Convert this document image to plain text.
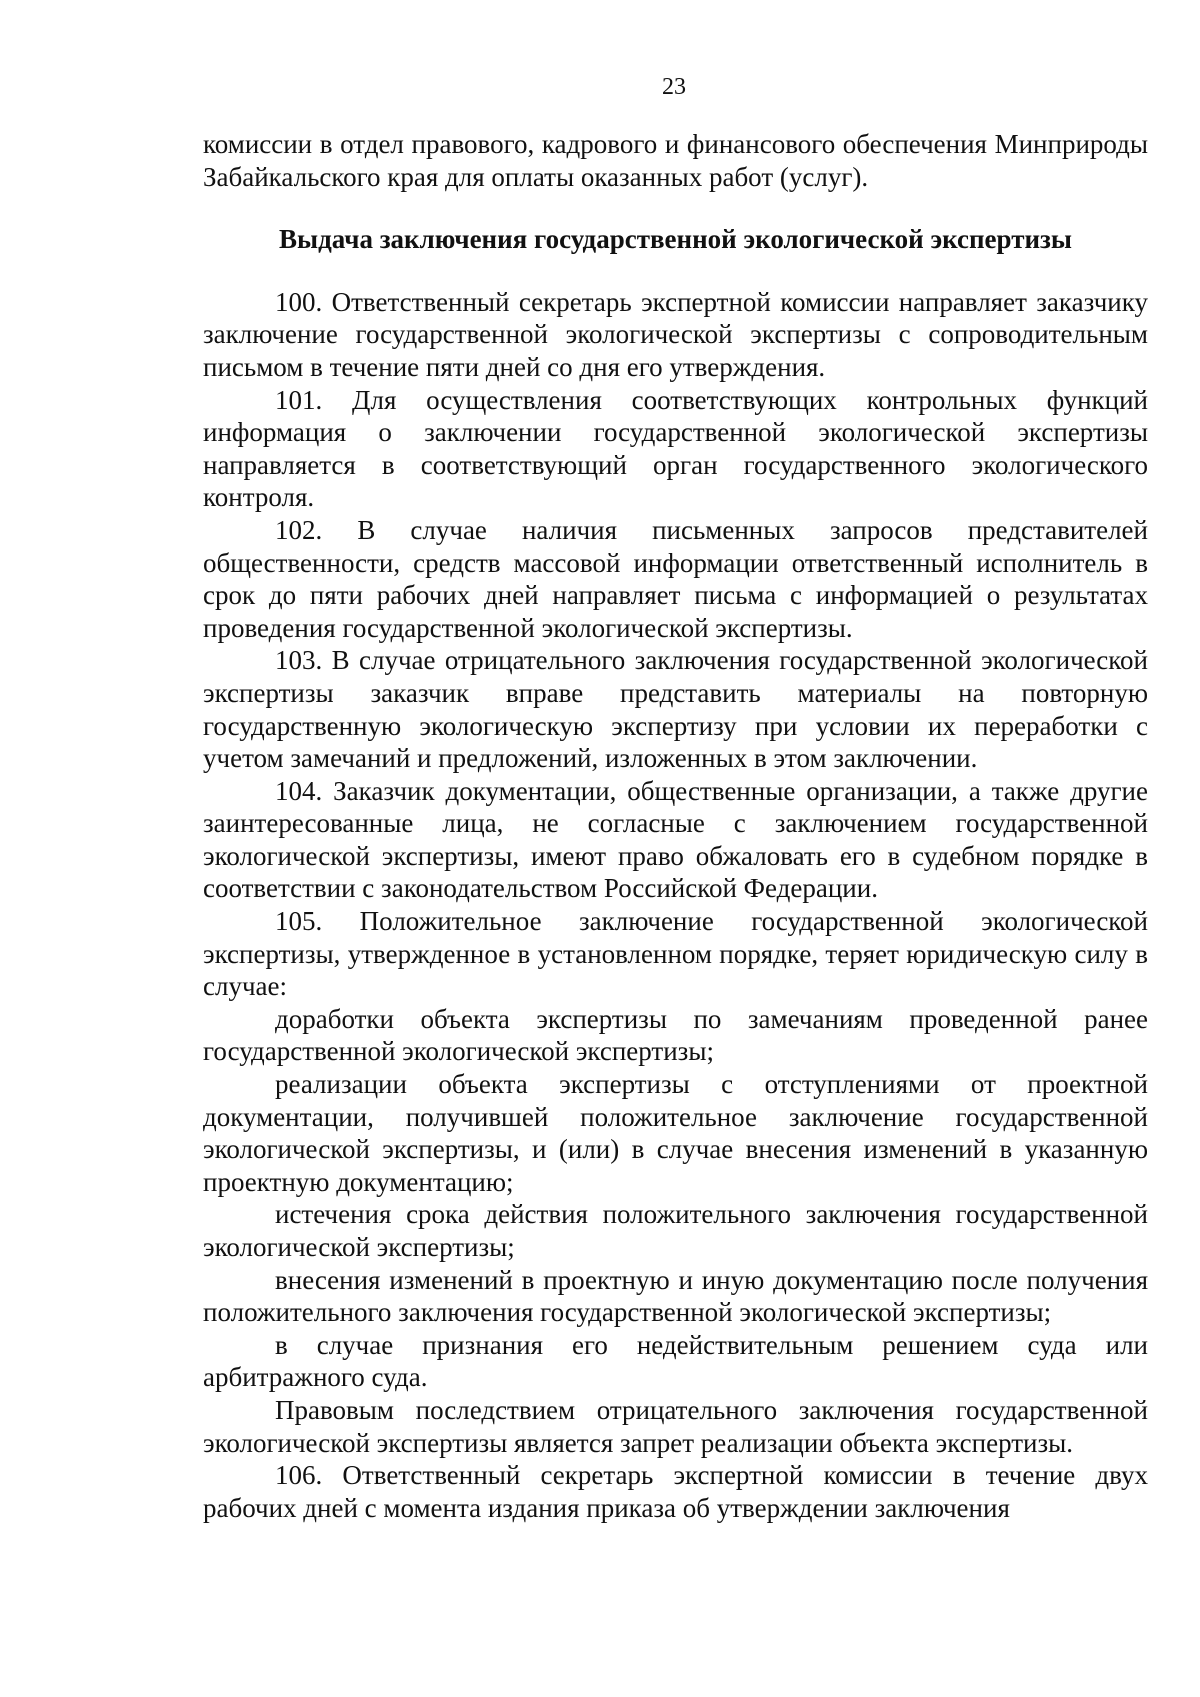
23

комиссии в отдел правового, кадрового и финансового обеспечения Минприроды Забайкальского края для оплаты оказанных работ (услуг).

Выдача заключения государственной экологической экспертизы

100. Ответственный секретарь экспертной комиссии направляет заказчику заключение государственной экологической экспертизы с сопроводительным письмом в течение пяти дней со дня его утверждения.

101. Для осуществления соответствующих контрольных функций информация о заключении государственной экологической экспертизы направляется в соответствующий орган государственного экологического контроля.

102. В случае наличия письменных запросов представителей общественности, средств массовой информации ответственный исполнитель в срок до пяти рабочих дней направляет письма с информацией о результатах проведения государственной экологической экспертизы.

103. В случае отрицательного заключения государственной экологической экспертизы заказчик вправе представить материалы на повторную государственную экологическую экспертизу при условии их переработки с учетом замечаний и предложений, изложенных в этом заключении.

104. Заказчик документации, общественные организации, а также другие заинтересованные лица, не согласные с заключением государственной экологической экспертизы, имеют право обжаловать его в судебном порядке в соответствии с законодательством Российской Федерации.

105. Положительное заключение государственной экологической экспертизы, утвержденное в установленном порядке, теряет юридическую силу в случае:

доработки объекта экспертизы по замечаниям проведенной ранее государственной экологической экспертизы;

реализации объекта экспертизы с отступлениями от проектной документации, получившей положительное заключение государственной экологической экспертизы, и (или) в случае внесения изменений в указанную проектную документацию;

истечения срока действия положительного заключения государственной экологической экспертизы;

внесения изменений в проектную и иную документацию после получения положительного заключения государственной экологической экспертизы;

в случае признания его недействительным решением суда или арбитражного суда.

Правовым последствием отрицательного заключения государственной экологической экспертизы является запрет реализации объекта экспертизы.

106. Ответственный секретарь экспертной комиссии в течение двух рабочих дней с момента издания приказа об утверждении заключения
